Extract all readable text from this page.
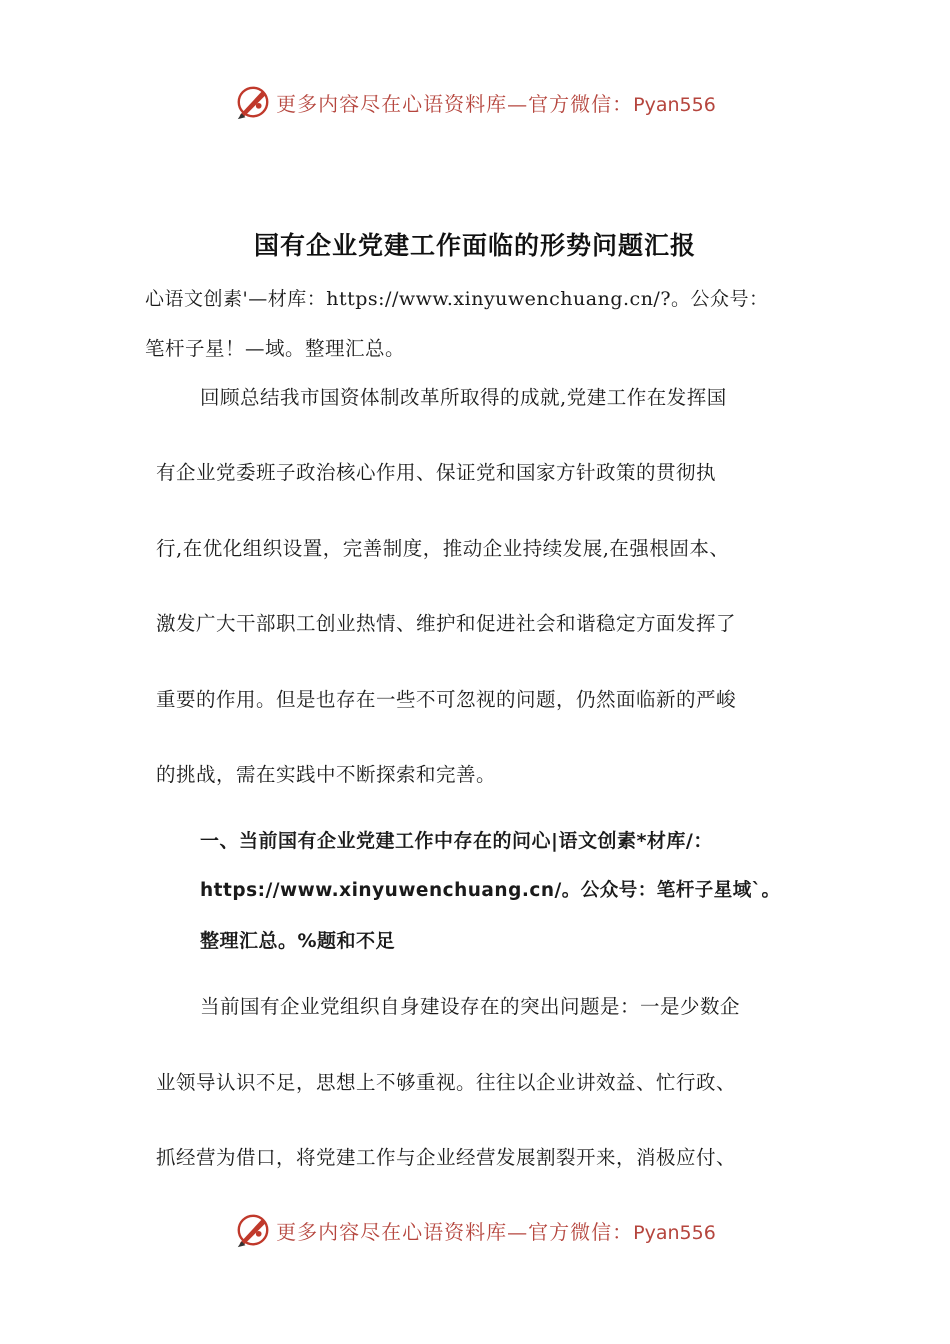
更多内容尽在心语资料库—官方微信：Pyan556
国有企业党建工作面临的形势问题汇报
心语文创素'—材库：https://www.xinyuwenchuang.cn/?。公众号：
笔杆子星！—域。整理汇总。
回顾总结我市国资体制改革所取得的成就,党建工作在发挥国
有企业党委班子政治核心作用、保证党和国家方针政策的贯彻执
行,在优化组织设置，完善制度，推动企业持续发展,在强根固本、
激发广大干部职工创业热情、维护和促进社会和谐稳定方面发挥了
重要的作用。但是也存在一些不可忽视的问题，仍然面临新的严峻
的挑战，需在实践中不断探索和完善。
一、当前国有企业党建工作中存在的问心|语文创素*材库/：
https://www.xinyuwenchuang.cn/。公众号：笔杆子星域`。
整理汇总。%题和不足
当前国有企业党组织自身建设存在的突出问题是：一是少数企
业领导认识不足，思想上不够重视。往往以企业讲效益、忙行政、
抓经营为借口，将党建工作与企业经营发展割裂开来，消极应付、
更多内容尽在心语资料库—官方微信：Pyan556
